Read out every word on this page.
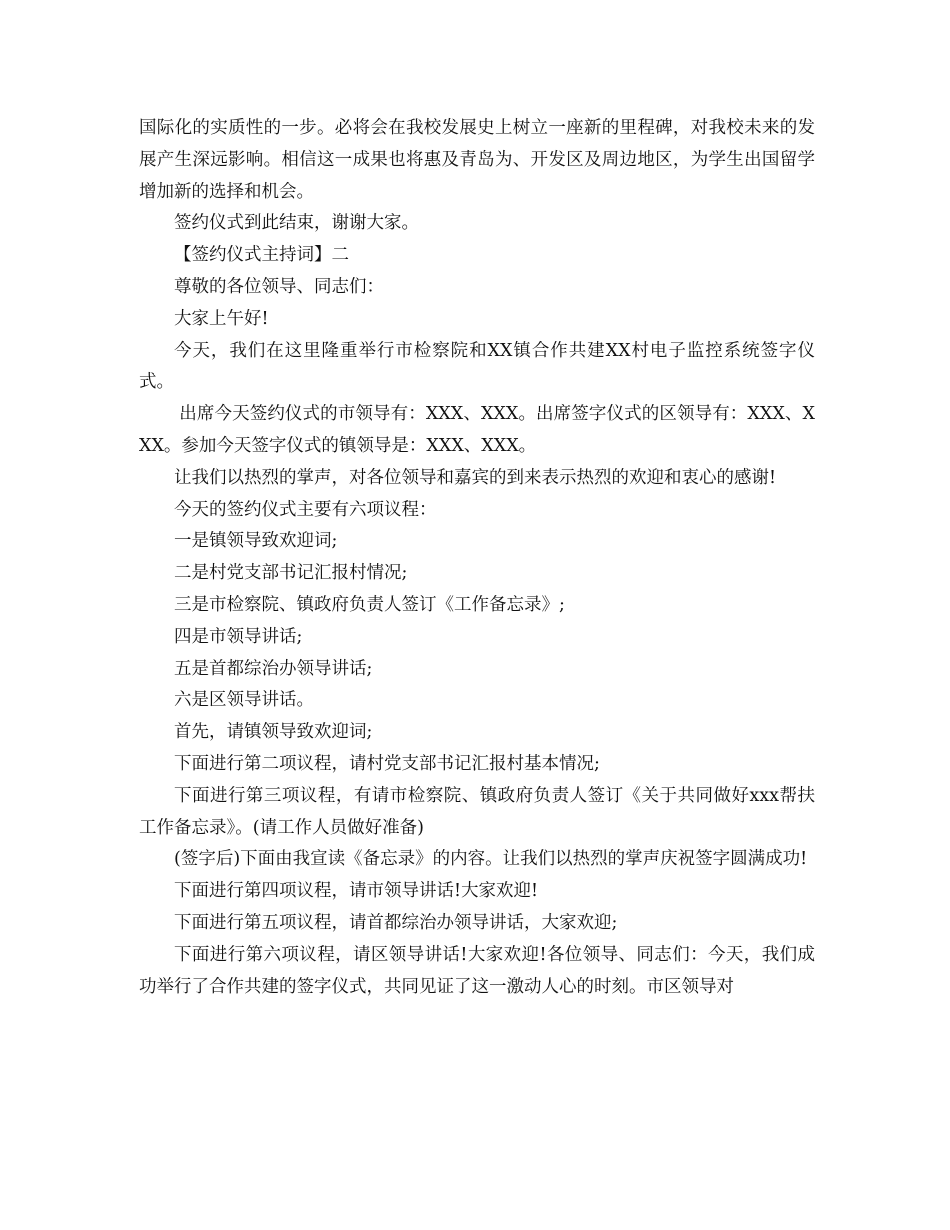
国际化的实质性的一步。必将会在我校发展史上树立一座新的里程碑，对我校未来的发展产生深远影响。相信这一成果也将惠及青岛为、开发区及周边地区，为学生出国留学增加新的选择和机会。

签约仪式到此结束，谢谢大家。

【签约仪式主持词】二

尊敬的各位领导、同志们：

大家上午好!

今天，我们在这里隆重举行市检察院和XX镇合作共建XX村电子监控系统签字仪式。

出席今天签约仪式的市领导有：XXX、XXX。出席签字仪式的区领导有：XXX、XXX。参加今天签字仪式的镇领导是：XXX、XXX。

让我们以热烈的掌声，对各位领导和嘉宾的到来表示热烈的欢迎和衷心的感谢!

今天的签约仪式主要有六项议程：

一是镇领导致欢迎词;

二是村党支部书记汇报村情况;

三是市检察院、镇政府负责人签订《工作备忘录》;

四是市领导讲话;

五是首都综治办领导讲话;

六是区领导讲话。

首先，请镇领导致欢迎词;

下面进行第二项议程，请村党支部书记汇报村基本情况;

下面进行第三项议程，有请市检察院、镇政府负责人签订《关于共同做好xxx帮扶工作备忘录》。(请工作人员做好准备)

(签字后)下面由我宣读《备忘录》的内容。让我们以热烈的掌声庆祝签字圆满成功!

下面进行第四项议程，请市领导讲话!大家欢迎!

下面进行第五项议程，请首都综治办领导讲话，大家欢迎;

下面进行第六项议程，请区领导讲话!大家欢迎!各位领导、同志们：今天，我们成功举行了合作共建的签字仪式，共同见证了这一激动人心的时刻。市区领导对
